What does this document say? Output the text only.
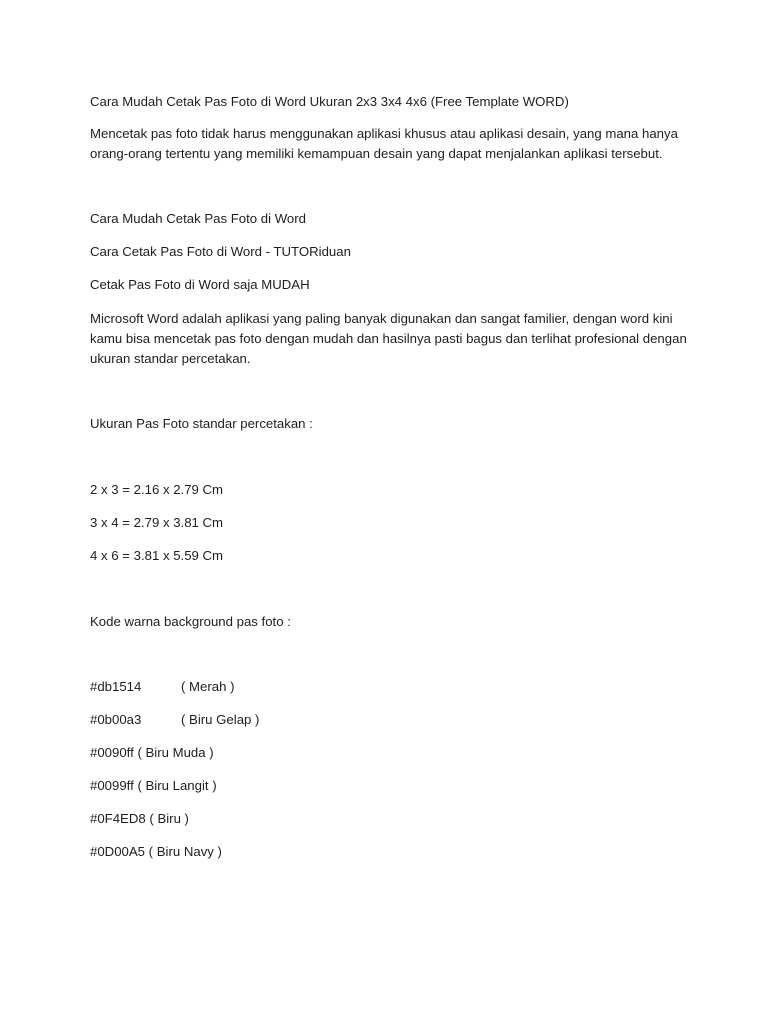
Cara Mudah Cetak Pas Foto di Word Ukuran 2x3 3x4 4x6 (Free Template WORD)

Mencetak pas foto tidak harus menggunakan aplikasi khusus atau aplikasi desain, yang mana hanya
orang-orang tertentu yang memiliki kemampuan desain yang dapat menjalankan aplikasi tersebut.

Cara Mudah Cetak Pas Foto di Word

Cara Cetak Pas Foto di Word - TUTORiduan

Cetak Pas Foto di Word saja MUDAH

Microsoft Word adalah aplikasi yang paling banyak digunakan dan sangat familier, dengan word kini
kamu bisa mencetak pas foto dengan mudah dan hasilnya pasti bagus dan terlihat profesional dengan
ukuran standar percetakan.

Ukuran Pas Foto standar percetakan :

2 x 3 = 2.16 x 2.79 Cm

3 x 4 = 2.79 x 3.81 Cm

4 x 6 = 3.81 x 5.59 Cm

Kode warna background pas foto :

#db1514	( Merah )

#0b00a3	( Biru Gelap )

#0090ff ( Biru Muda )

#0099ff ( Biru Langit )

#0F4ED8 ( Biru )

#0D00A5 ( Biru Navy )
